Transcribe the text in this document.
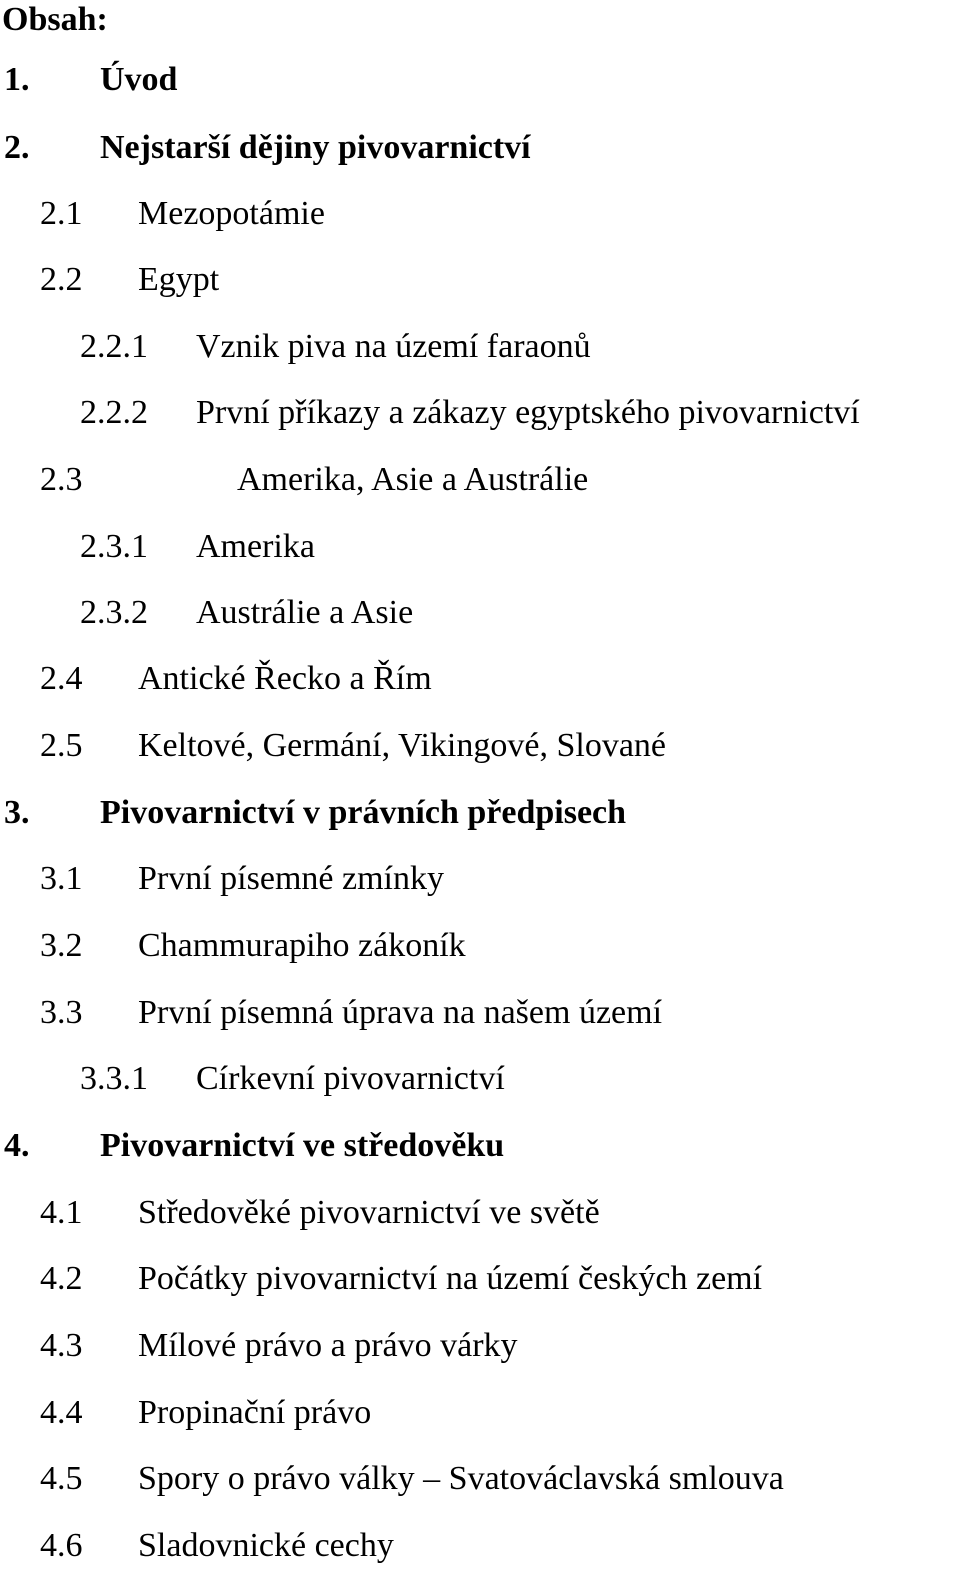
Obsah:
1. Úvod
2. Nejstarší dějiny pivovarnictví
2.1 Mezopotámie
2.2 Egypt
2.2.1 Vznik piva na území faraonů
2.2.2 První příkazy a zákazy egyptského pivovarnictví
2.3	Amerika, Asie a Austrálie
2.3.1 Amerika
2.3.2 Austrálie a Asie
2.4 Antické Řecko a Řím
2.5 Keltové, Germání, Vikingové, Slované
3. Pivovarnictví v právních předpisech
3.1 První písemné zmínky
3.2 Chammurapiho zákoník
3.3 První písemná úprava na našem území
3.3.1 Církevní pivovarnictví
4. Pivovarnictví ve středověku
4.1 Středověké pivovarnictví ve světě
4.2 Počátky pivovarnictví na území českých zemí
4.3 Mílové právo a právo várky
4.4 Propinační právo
4.5 Spory o právo války – Svatováclavská smlouva
4.6 Sladovnické cechy
